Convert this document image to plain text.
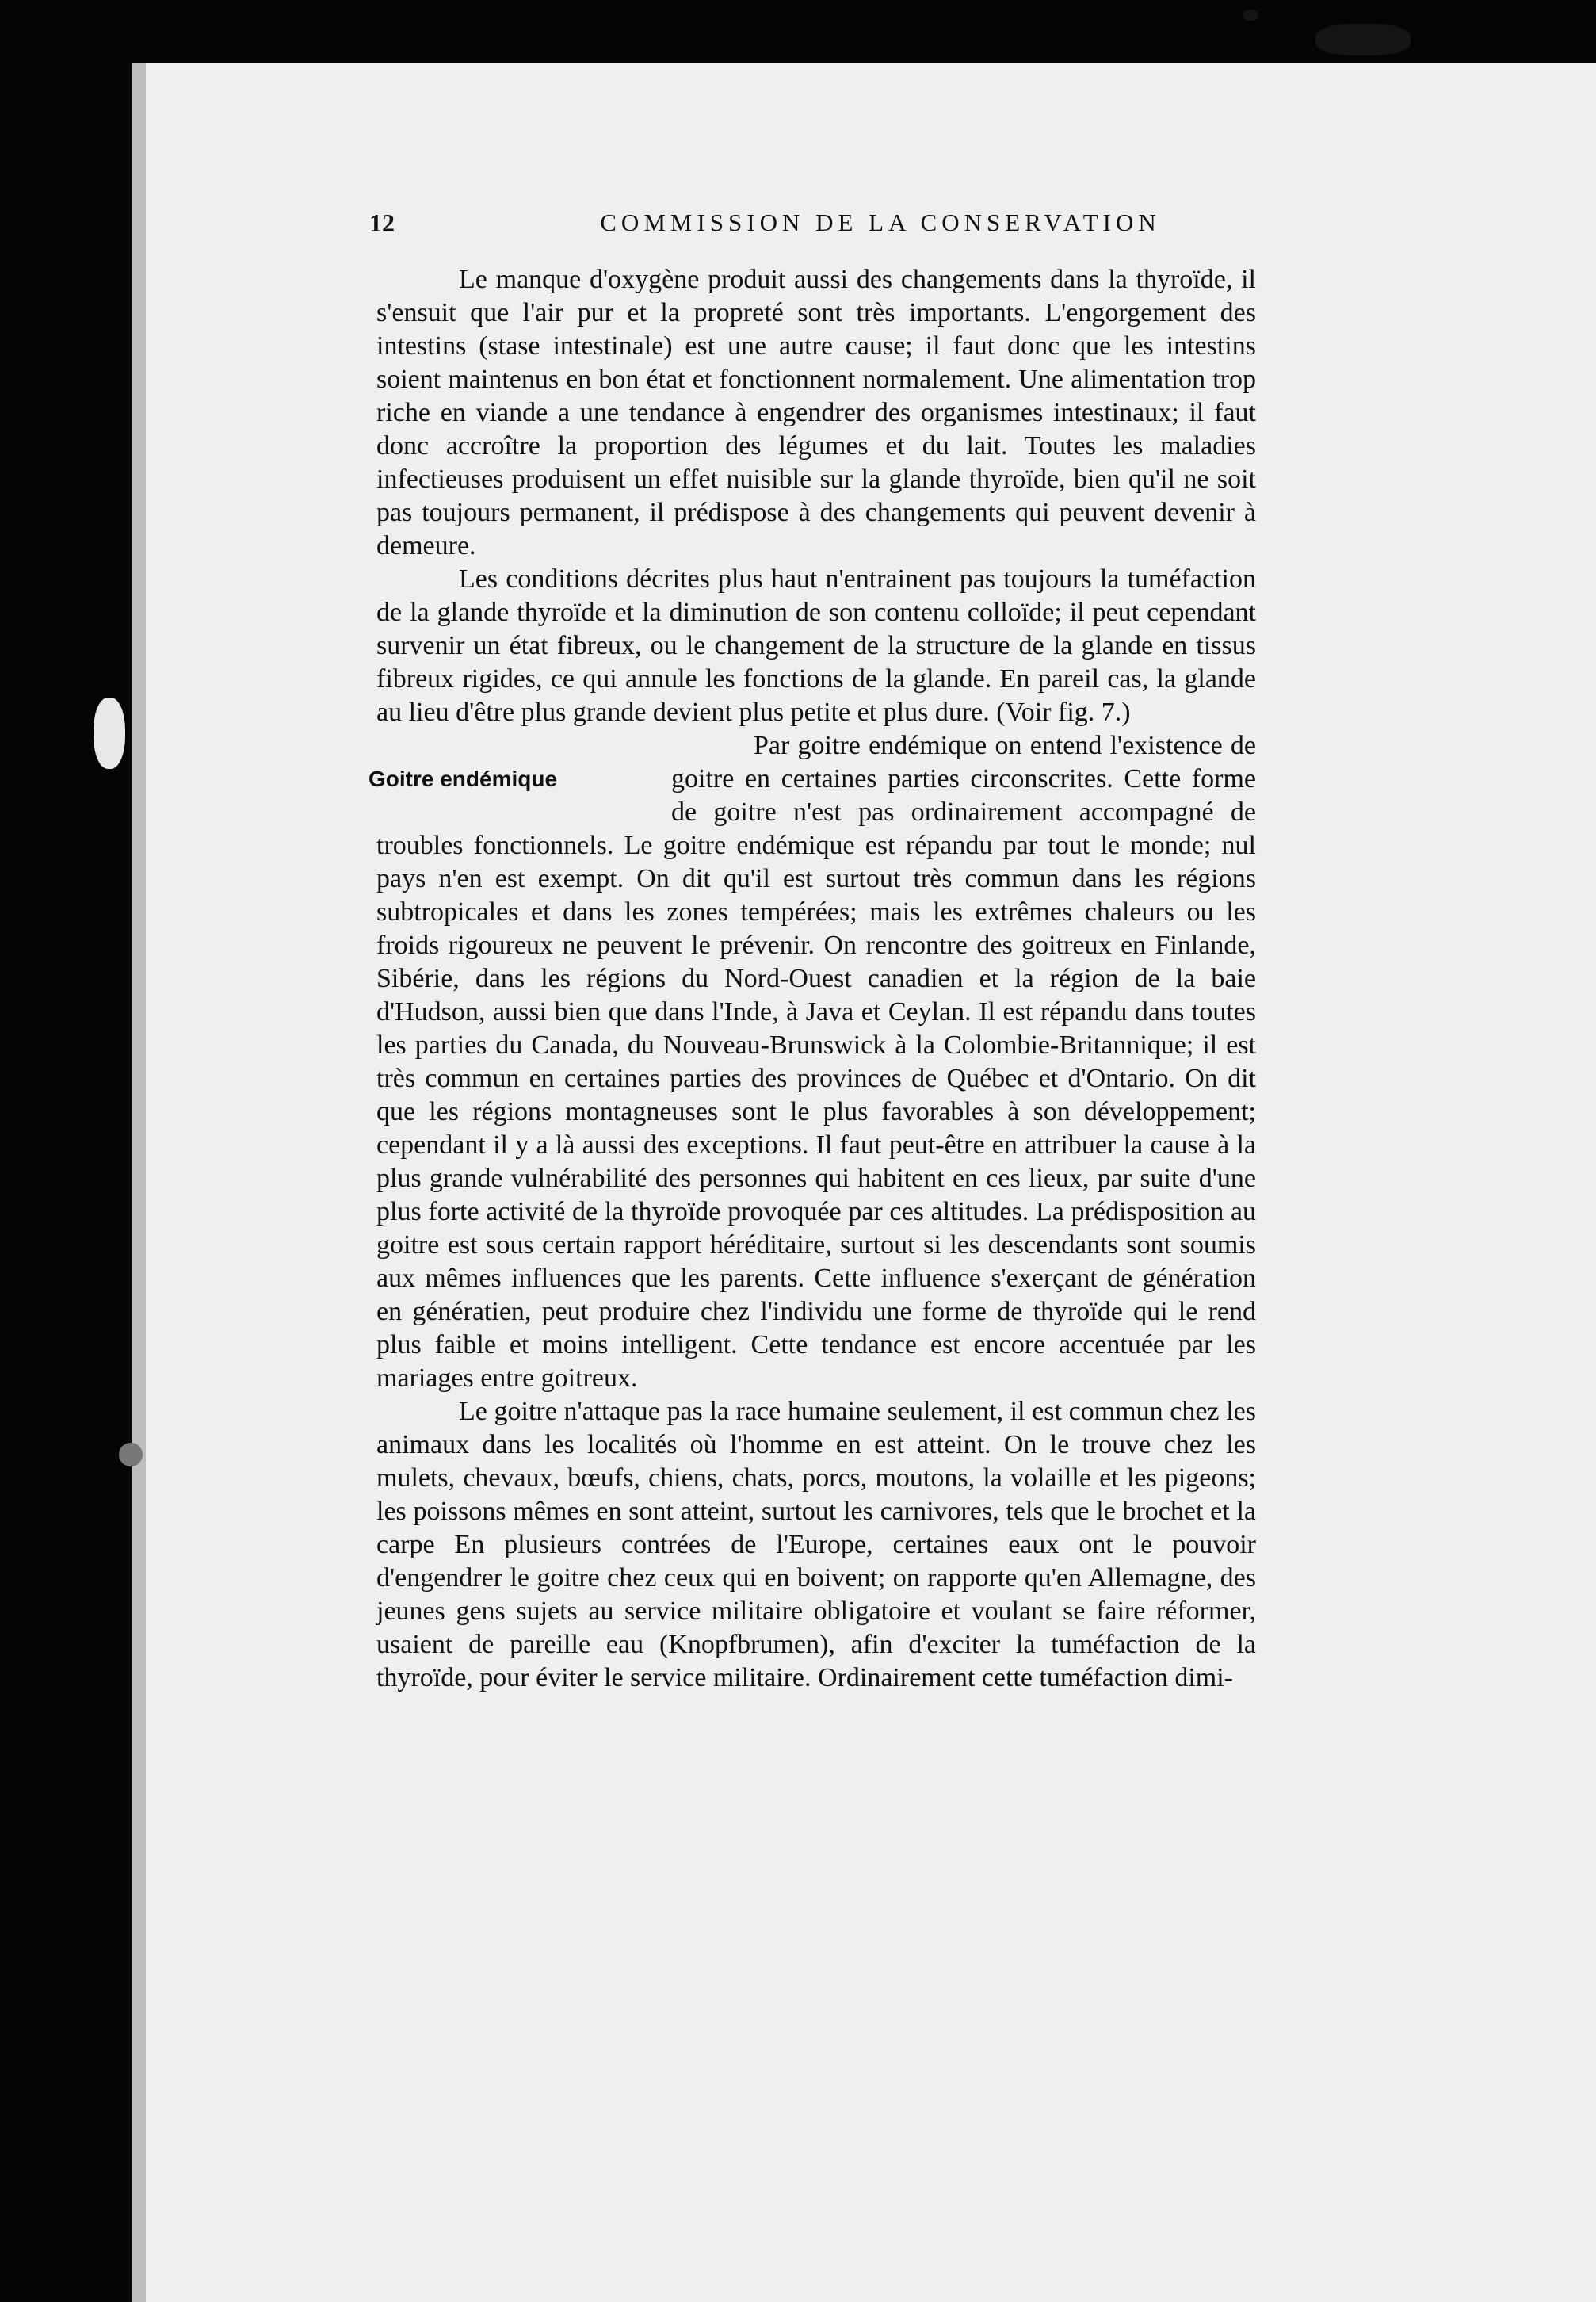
12	COMMISSION DE LA CONSERVATION

Le manque d'oxygène produit aussi des changements dans la thyroïde, il s'ensuit que l'air pur et la propreté sont très importants. L'engorgement des intestins (stase intestinale) est une autre cause; il faut donc que les intestins soient maintenus en bon état et fonctionnent normalement. Une alimentation trop riche en viande a une tendance à engendrer des organismes intestinaux; il faut donc accroître la proportion des légumes et du lait. Toutes les maladies infectieuses produisent un effet nuisible sur la glande thyroïde, bien qu'il ne soit pas toujours permanent, il prédispose à des changements qui peuvent devenir à demeure.

Les conditions décrites plus haut n'entrainent pas toujours la tuméfaction de la glande thyroïde et la diminution de son contenu colloïde; il peut cependant survenir un état fibreux, ou le changement de la structure de la glande en tissus fibreux rigides, ce qui annule les fonctions de la glande. En pareil cas, la glande au lieu d'être plus grande devient plus petite et plus dure. (Voir fig. 7.)

Goitre endémique

Par goitre endémique on entend l'existence de goitre en certaines parties circonscrites. Cette forme de goitre n'est pas ordinairement accompagné de troubles fonctionnels. Le goitre endémique est répandu par tout le monde; nul pays n'en est exempt. On dit qu'il est surtout très commun dans les régions subtropicales et dans les zones tempérées; mais les extrêmes chaleurs ou les froids rigoureux ne peuvent le prévenir. On rencontre des goitreux en Finlande, Sibérie, dans les régions du Nord-Ouest canadien et la région de la baie d'Hudson, aussi bien que dans l'Inde, à Java et Ceylan. Il est répandu dans toutes les parties du Canada, du Nouveau-Brunswick à la Colombie-Britannique; il est très commun en certaines parties des provinces de Québec et d'Ontario. On dit que les régions montagneuses sont le plus favorables à son développement; cependant il y a là aussi des exceptions. Il faut peut-être en attribuer la cause à la plus grande vulnérabilité des personnes qui habitent en ces lieux, par suite d'une plus forte activité de la thyroïde provoquée par ces altitudes. La prédisposition au goitre est sous certain rapport héréditaire, surtout si les descendants sont soumis aux mêmes influences que les parents. Cette influence s'exerçant de génération en génératien, peut produire chez l'individu une forme de thyroïde qui le rend plus faible et moins intelligent. Cette tendance est encore accentuée par les mariages entre goitreux.

Le goitre n'attaque pas la race humaine seulement, il est commun chez les animaux dans les localités où l'homme en est atteint. On le trouve chez les mulets, chevaux, bœufs, chiens, chats, porcs, moutons, la volaille et les pigeons; les poissons mêmes en sont atteint, surtout les carnivores, tels que le brochet et la carpe En plusieurs contrées de l'Europe, certaines eaux ont le pouvoir d'engendrer le goitre chez ceux qui en boivent; on rapporte qu'en Allemagne, des jeunes gens sujets au service militaire obligatoire et voulant se faire réformer, usaient de pareille eau (Knopfbrumen), afin d'exciter la tuméfaction de la thyroïde, pour éviter le service militaire. Ordinairement cette tuméfaction dimi-
